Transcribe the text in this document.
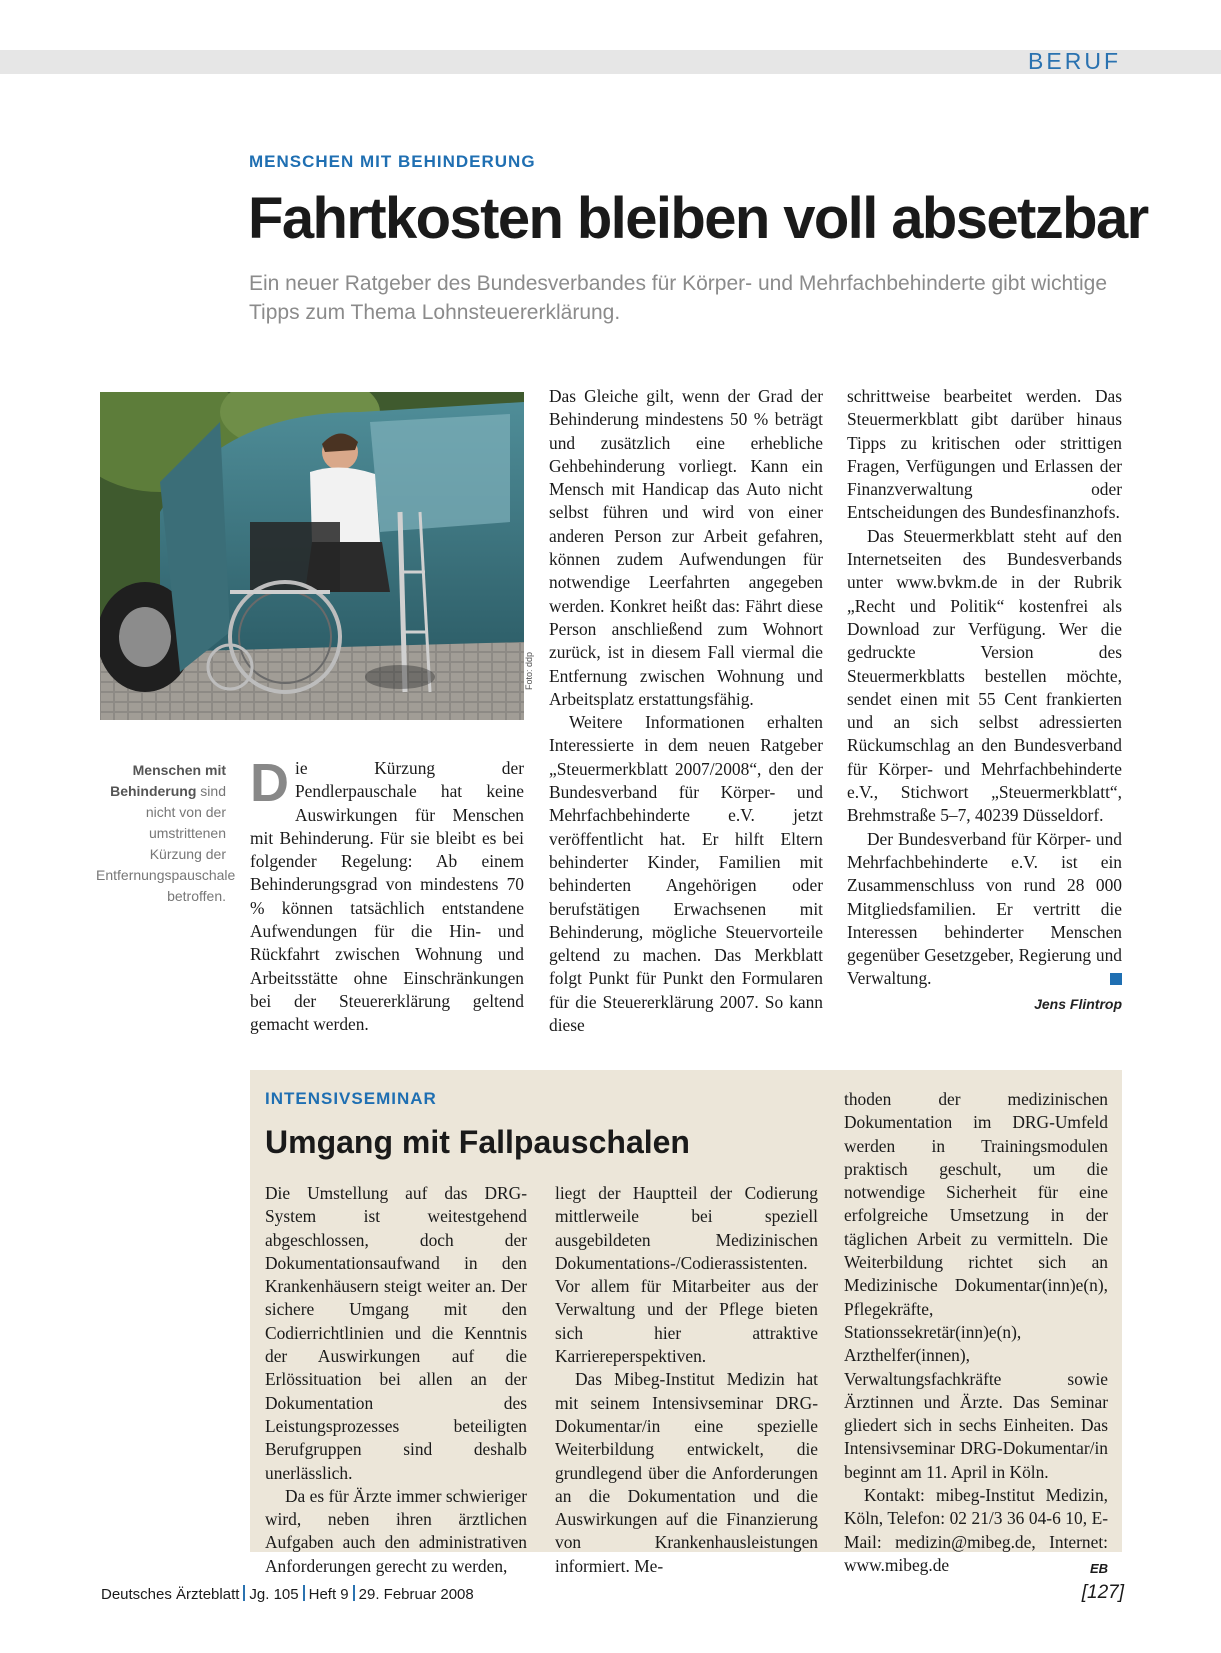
BERUF
MENSCHEN MIT BEHINDERUNG
Fahrtkosten bleiben voll absetzbar
Ein neuer Ratgeber des Bundesverbandes für Körper- und Mehrfachbehinderte gibt wichtige Tipps zum Thema Lohnsteuererklärung.
Foto: ddp
Menschen mit Behinderung sind nicht von der umstrittenen Kürzung der Entfernungspauschale betroffen.

Die Kürzung der Pendlerpauschale hat keine Auswirkungen für Menschen mit Behinderung. Für sie bleibt es bei folgender Regelung: Ab einem Behinderungsgrad von mindestens 70 % können tatsächlich entstandene Aufwendungen für die Hin- und Rückfahrt zwischen Wohnung und Arbeitsstätte ohne Einschränkungen bei der Steuererklärung geltend gemacht werden.

Das Gleiche gilt, wenn der Grad der Behinderung mindestens 50 % beträgt und zusätzlich eine erhebliche Gehbehinderung vorliegt. Kann ein Mensch mit Handicap das Auto nicht selbst führen und wird von einer anderen Person zur Arbeit gefahren, können zudem Aufwendungen für notwendige Leerfahrten angegeben werden. Konkret heißt das: Fährt diese Person anschließend zum Wohnort zurück, ist in diesem Fall viermal die Entfernung zwischen Wohnung und Arbeitsplatz erstattungsfähig.

Weitere Informationen erhalten Interessierte in dem neuen Ratgeber „Steuermerkblatt 2007/2008“, den der Bundesverband für Körper- und Mehrfachbehinderte e.V. jetzt veröffentlicht hat. Er hilft Eltern behinderter Kinder, Familien mit behinderten Angehörigen oder berufstätigen Erwachsenen mit Behinderung, mögliche Steuervorteile geltend zu machen. Das Merkblatt folgt Punkt für Punkt den Formularen für die Steuererklärung 2007. So kann diese

schrittweise bearbeitet werden. Das Steuermerkblatt gibt darüber hinaus Tipps zu kritischen oder strittigen Fragen, Verfügungen und Erlassen der Finanzverwaltung oder Entscheidungen des Bundesfinanzhofs.

Das Steuermerkblatt steht auf den Internetseiten des Bundesverbands unter www.bvkm.de in der Rubrik „Recht und Politik“ kostenfrei als Download zur Verfügung. Wer die gedruckte Version des Steuermerkblatts bestellen möchte, sendet einen mit 55 Cent frankierten und an sich selbst adressierten Rückumschlag an den Bundesverband für Körper- und Mehrfachbehinderte e.V., Stichwort „Steuermerkblatt“, Brehmstraße 5–7, 40239 Düsseldorf.

Der Bundesverband für Körper- und Mehrfachbehinderte e.V. ist ein Zusammenschluss von rund 28 000 Mitgliedsfamilien. Er vertritt die Interessen behinderter Menschen gegenüber Gesetzgeber, Regierung und Verwaltung.

Jens Flintrop
INTENSIVSEMINAR
Umgang mit Fallpauschalen

Die Umstellung auf das DRG-System ist weitestgehend abgeschlossen, doch der Dokumentationsaufwand in den Krankenhäusern steigt weiter an. Der sichere Umgang mit den Codierrichtlinien und die Kenntnis der Auswirkungen auf die Erlössituation bei allen an der Dokumentation des Leistungsprozesses beteiligten Berufgruppen sind deshalb unerlässlich.

Da es für Ärzte immer schwieriger wird, neben ihren ärztlichen Aufgaben auch den administrativen Anforderungen gerecht zu werden,

liegt der Hauptteil der Codierung mittlerweile bei speziell ausgebildeten Medizinischen Dokumentations-/Codierassistenten. Vor allem für Mitarbeiter aus der Verwaltung und der Pflege bieten sich hier attraktive Karriereperspektiven.

Das Mibeg-Institut Medizin hat mit seinem Intensivseminar DRG-Dokumentar/in eine spezielle Weiterbildung entwickelt, die grundlegend über die Anforderungen an die Dokumentation und die Auswirkungen auf die Finanzierung von Krankenhausleistungen informiert. Me-

thoden der medizinischen Dokumentation im DRG-Umfeld werden in Trainingsmodulen praktisch geschult, um die notwendige Sicherheit für eine erfolgreiche Umsetzung in der täglichen Arbeit zu vermitteln. Die Weiterbildung richtet sich an Medizinische Dokumentar(inn)e(n), Pflegekräfte, Stationssekretär(inn)e(n), Arzthelfer(innen), Verwaltungsfachkräfte sowie Ärztinnen und Ärzte. Das Seminar gliedert sich in sechs Einheiten. Das Intensivseminar DRG-Dokumentar/in beginnt am 11. April in Köln.

Kontakt: mibeg-Institut Medizin, Köln, Telefon: 02 21/3 36 04-6 10, E-Mail: medizin@mibeg.de, Internet: www.mibeg.de	EB

Deutsches Ärzteblatt Jg. 105 Heft 9 29. Februar 2008	[127]
